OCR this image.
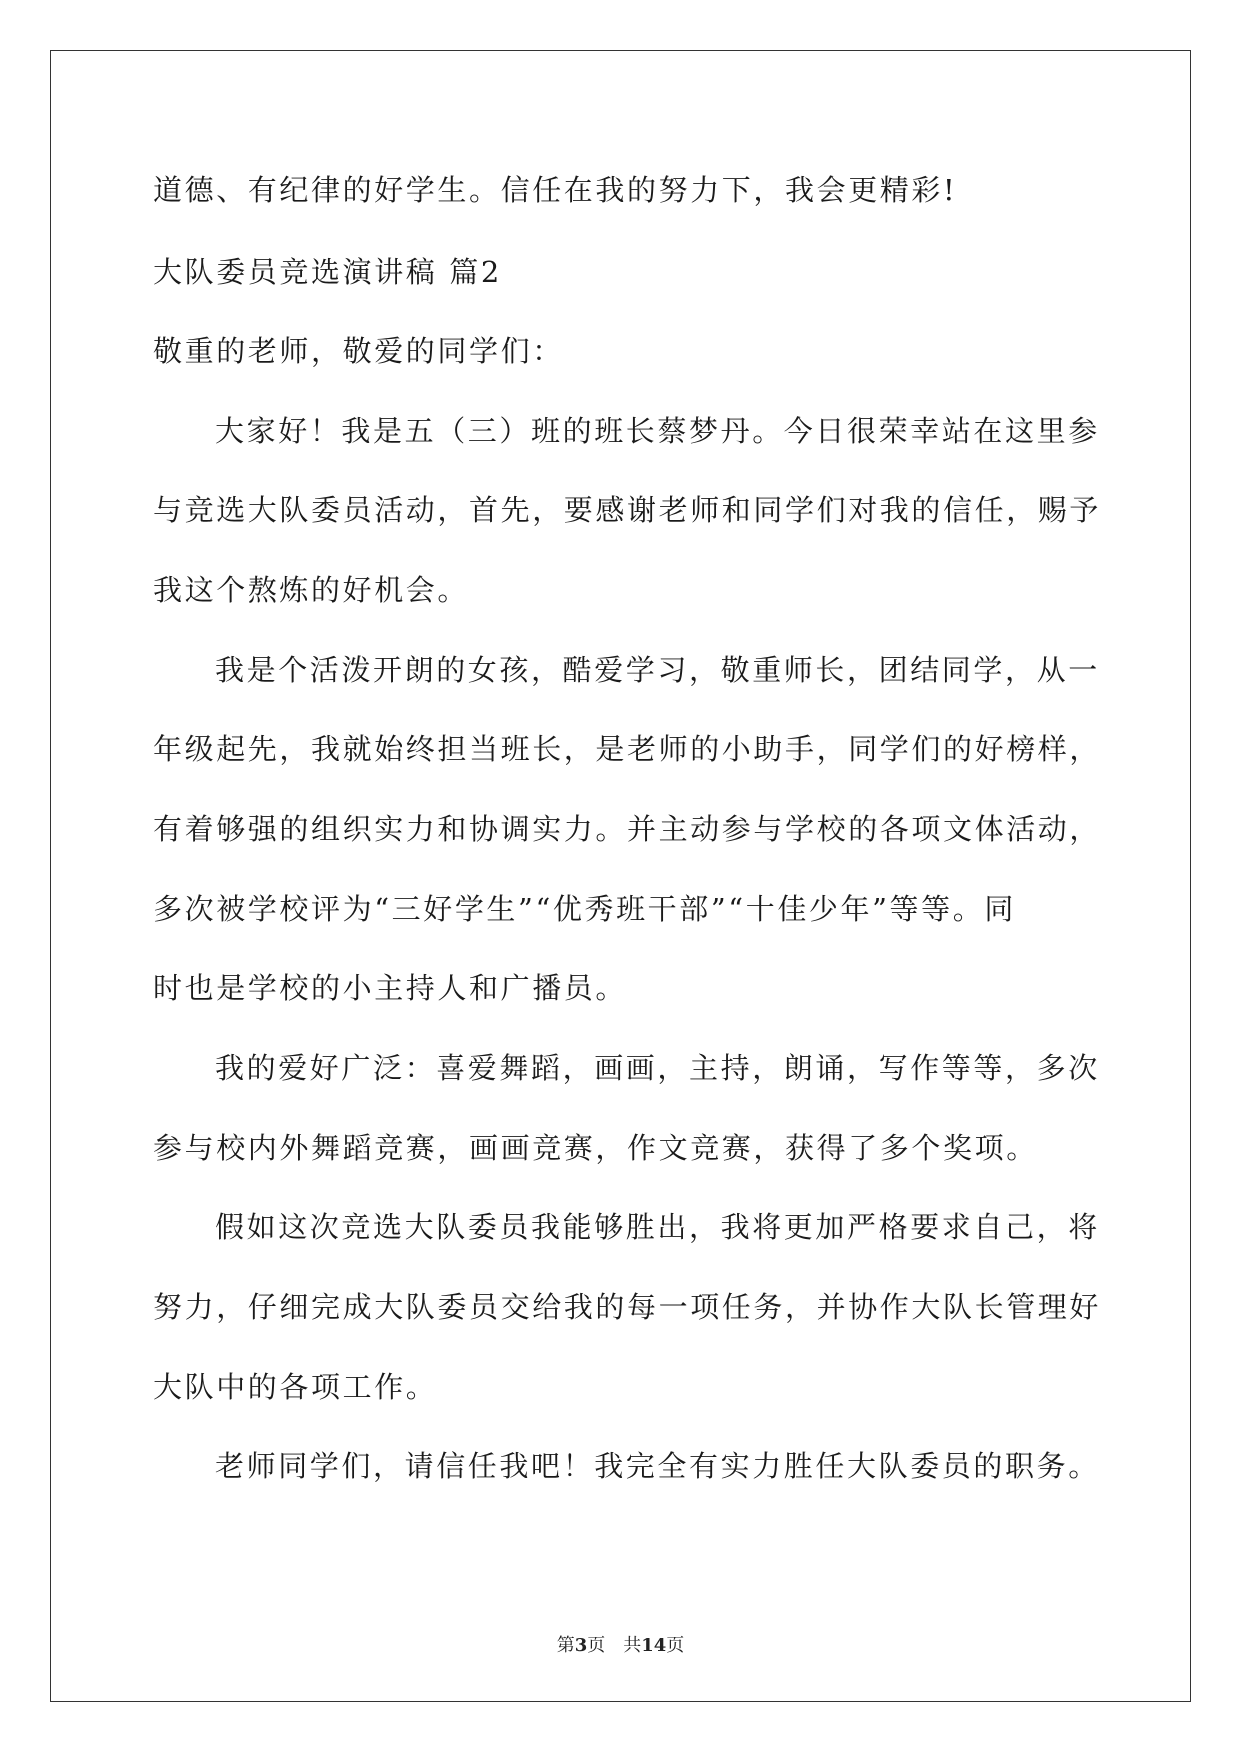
道德、有纪律的好学生。信任在我的努力下，我会更精彩!
大队委员竞选演讲稿 篇2
敬重的老师，敬爱的同学们：
大家好！我是五（三）班的班长蔡梦丹。今日很荣幸站在这里参
与竞选大队委员活动，首先，要感谢老师和同学们对我的信任，赐予
我这个熬炼的好机会。
我是个活泼开朗的女孩，酷爱学习，敬重师长，团结同学，从一
年级起先，我就始终担当班长，是老师的小助手，同学们的好榜样，
有着够强的组织实力和协调实力。并主动参与学校的各项文体活动，
多次被学校评为“三好学生”“优秀班干部”“十佳少年”等等。同
时也是学校的小主持人和广播员。
我的爱好广泛：喜爱舞蹈，画画，主持，朗诵，写作等等，多次
参与校内外舞蹈竞赛，画画竞赛，作文竞赛，获得了多个奖项。
假如这次竞选大队委员我能够胜出，我将更加严格要求自己，将
努力，仔细完成大队委员交给我的每一项任务，并协作大队长管理好
大队中的各项工作。
老师同学们，请信任我吧！我完全有实力胜任大队委员的职务。
第3页 共14页
